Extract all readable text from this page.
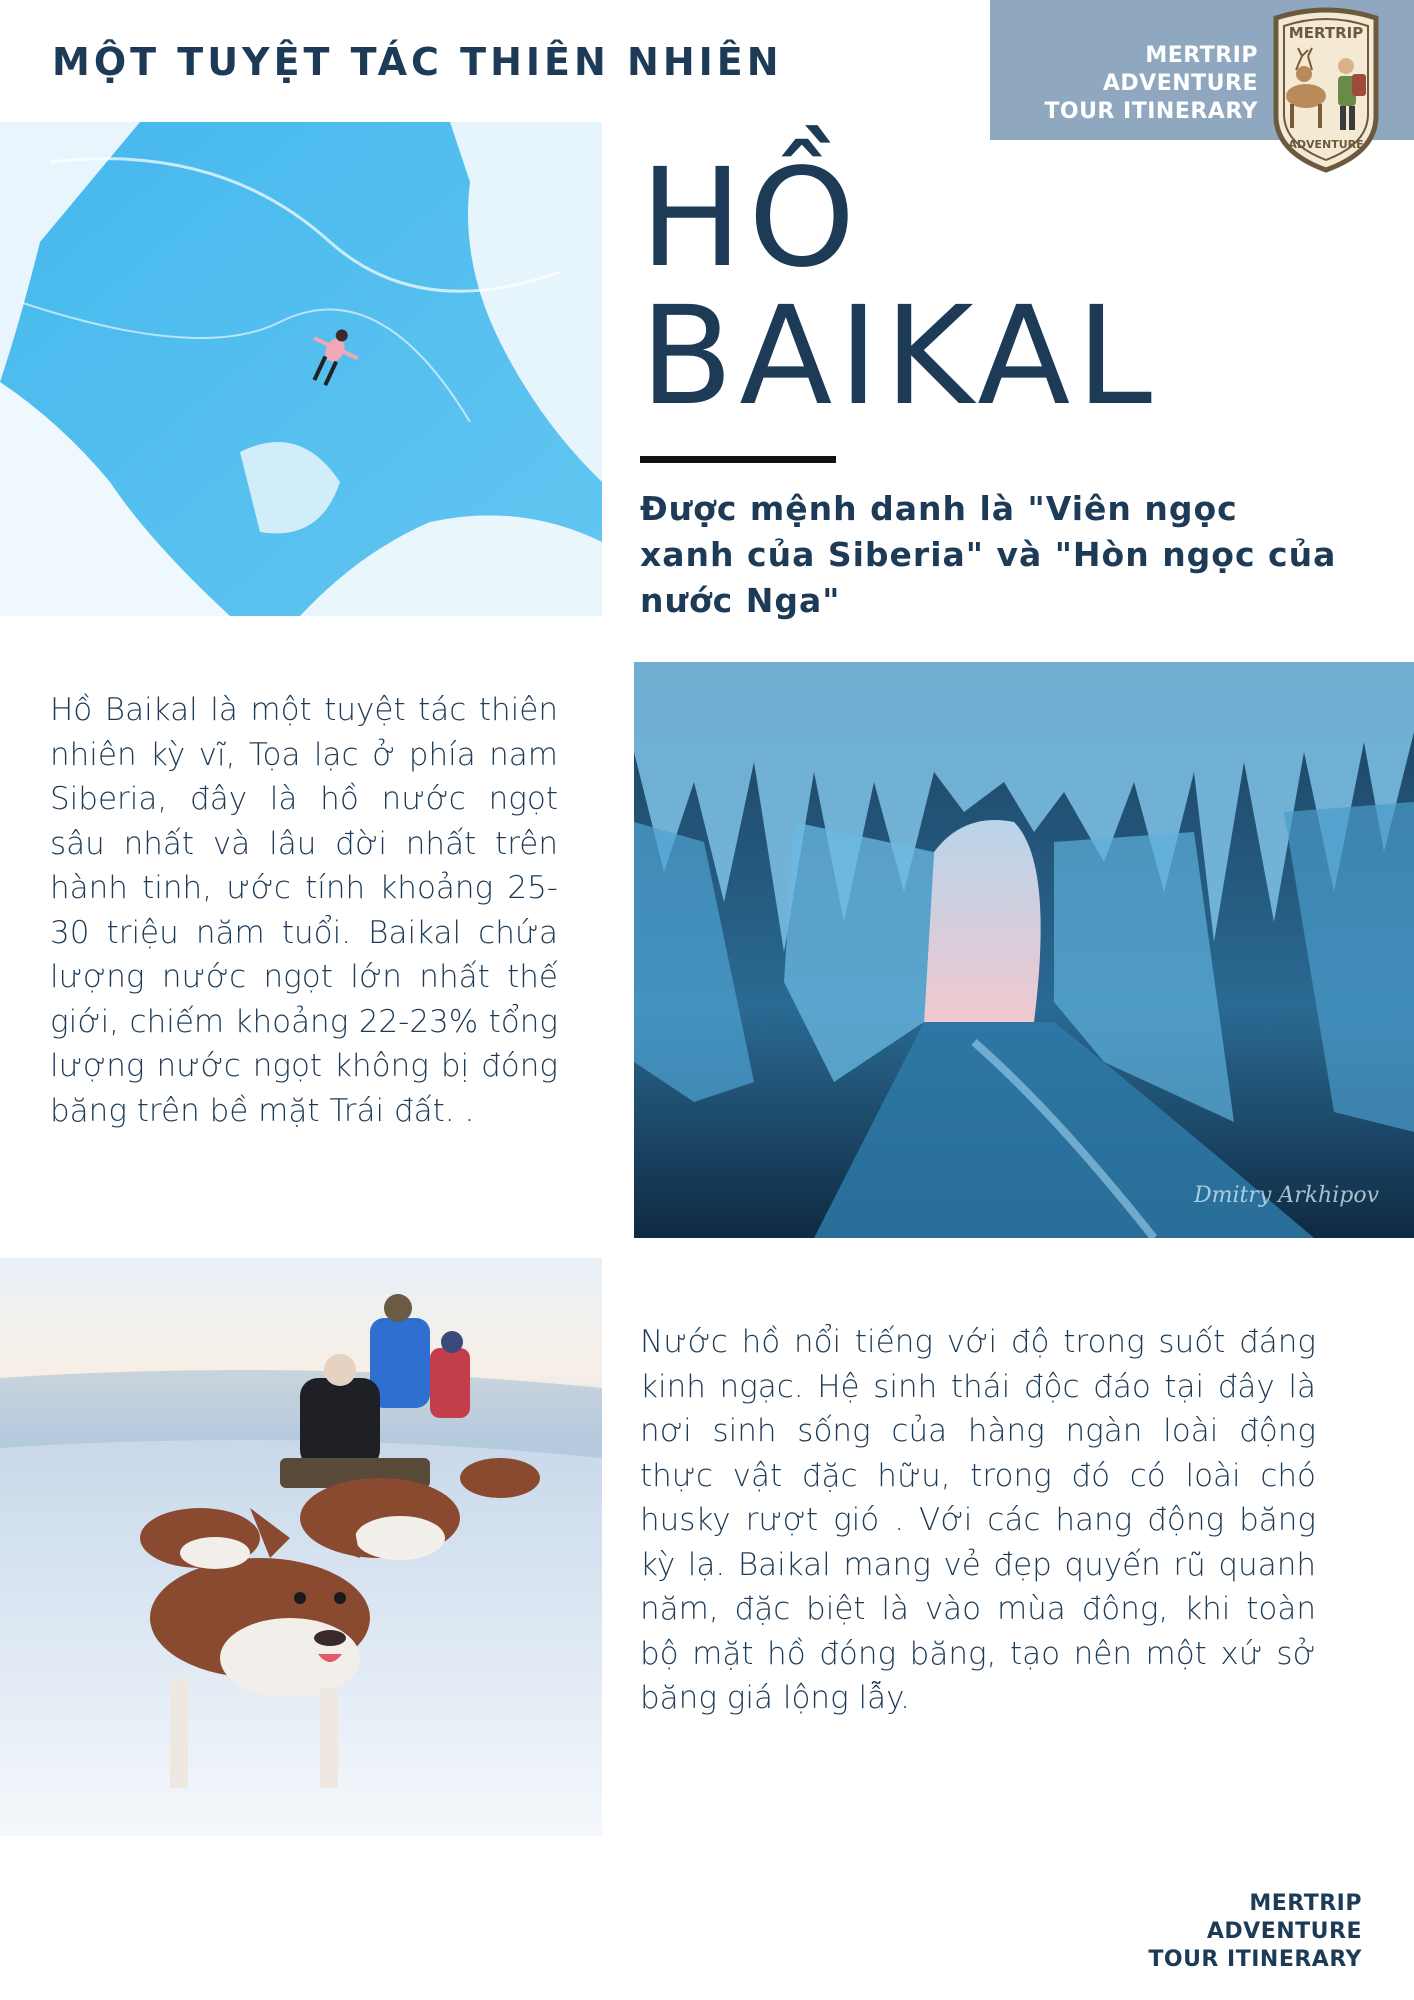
MỘT TUYỆT TÁC THIÊN NHIÊN	MERTRIP
ADVENTURE
TOUR ITINERARY
MERTRIP
ADVENTURE
HỒ
BAIKAL
Được mệnh danh là "Viên ngọc xanh của Siberia" và "Hòn ngọc của nước Nga"
Hồ Baikal là một tuyệt tác thiên nhiên kỳ vĩ, Tọa lạc ở phía nam Siberia, đây là hồ nước ngọt sâu nhất và lâu đời nhất trên hành tinh, ước tính khoảng 25-30 triệu năm tuổi. Baikal chứa lượng nước ngọt lớn nhất thế giới, chiếm khoảng 22-23% tổng lượng nước ngọt không bị đóng băng trên bề mặt Trái đất. .
Dmitry Arkhipov
Nước hồ nổi tiếng với độ trong suốt đáng kinh ngạc. Hệ sinh thái độc đáo tại đây là nơi sinh sống của hàng ngàn loài động thực vật đặc hữu, trong đó có loài chó husky rượt gió . Với các hang động băng kỳ lạ. Baikal mang vẻ đẹp quyến rũ quanh năm, đặc biệt là vào mùa đông, khi toàn bộ mặt hồ đóng băng, tạo nên một xứ sở băng giá lộng lẫy.
MERTRIP
ADVENTURE
TOUR ITINERARY
